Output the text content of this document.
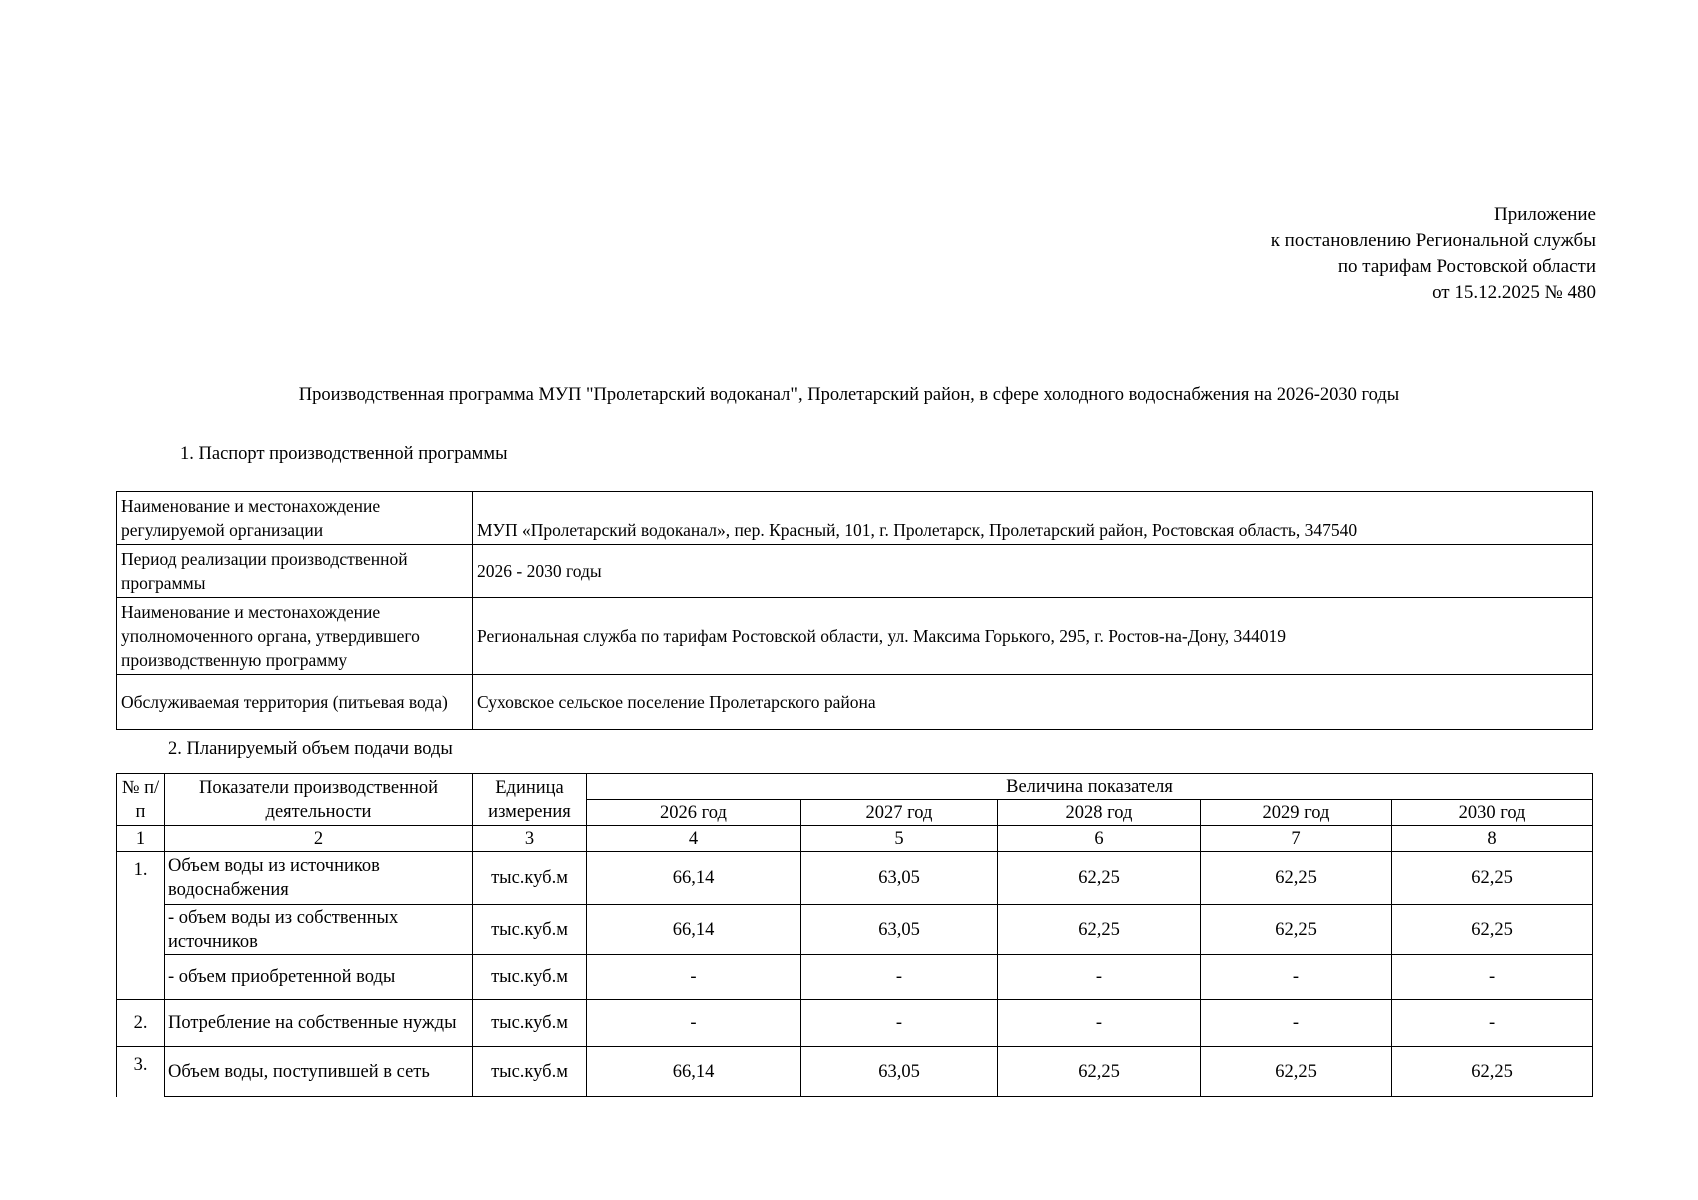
Приложение
к постановлению Региональной службы
по тарифам Ростовской области
от 15.12.2025 № 480
Производственная программа МУП "Пролетарский водоканал", Пролетарский район, в сфере холодного водоснабжения на 2026-2030 годы
1. Паспорт производственной программы
Наименование и местонахождение регулируемой организации	МУП «Пролетарский водоканал», пер. Красный, 101, г. Пролетарск, Пролетарский район, Ростовская область, 347540
Период реализации производственной программы	2026 - 2030 годы
Наименование и местонахождение уполномоченного органа, утвердившего производственную программу	Региональная служба по тарифам Ростовской области, ул. Максима Горького, 295, г. Ростов-на-Дону, 344019
Обслуживаемая территория (питьевая вода)	Суховское сельское поселение Пролетарского района
2. Планируемый объем подачи воды
№ п/п	Показатели производственной деятельности	Единица измерения	Величина показателя				
			2026 год	2027 год	2028 год	2029 год	2030 год
1	2	3	4	5	6	7	8
1.	Объем воды из источников водоснабжения	тыс.куб.м	66,14	63,05	62,25	62,25	62,25
	- объем воды из собственных источников	тыс.куб.м	66,14	63,05	62,25	62,25	62,25
	- объем приобретенной воды	тыс.куб.м	-	-	-	-	-
2.	Потребление на собственные нужды	тыс.куб.м	-	-	-	-	-
3.	Объем воды, поступившей в сеть	тыс.куб.м	66,14	63,05	62,25	62,25	62,25
